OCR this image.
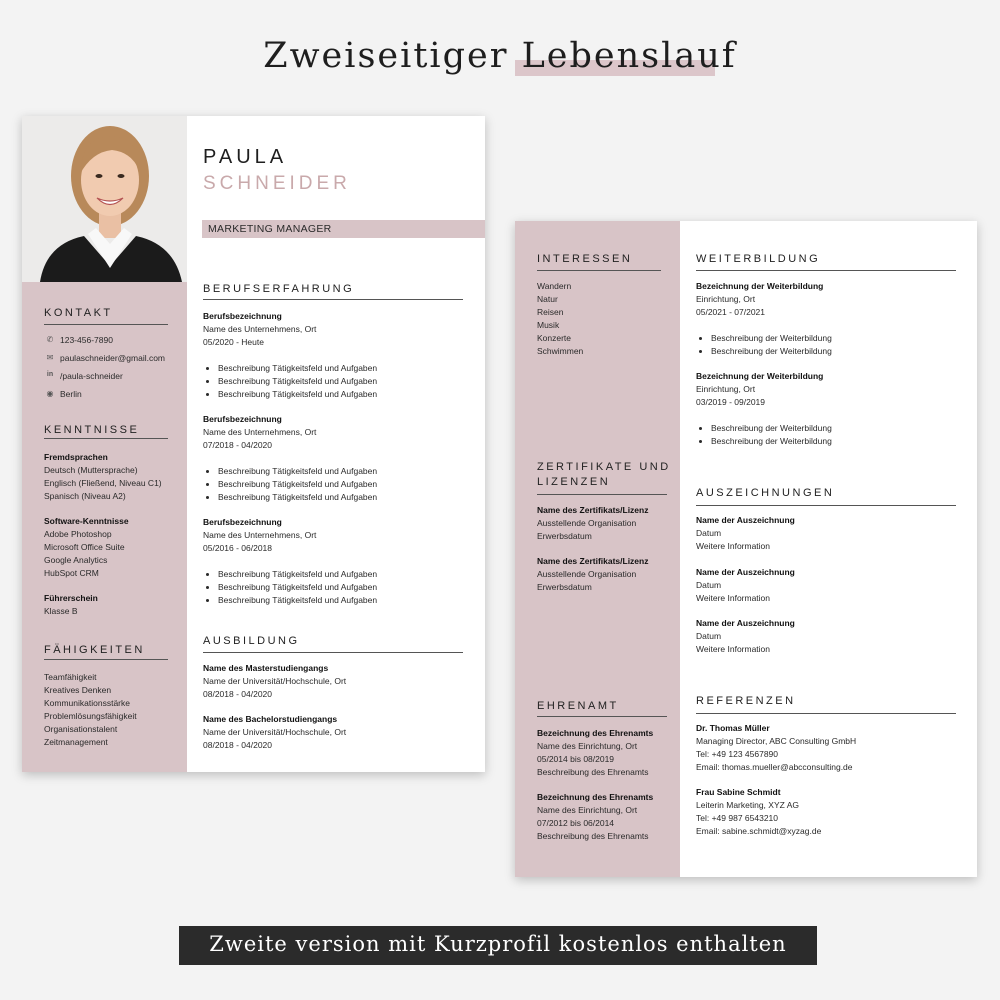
Zweiseitiger Lebenslauf
PAULA
SCHNEIDER
MARKETING MANAGER
KONTAKT
✆ 123-456-7890
✉ paulaschneider@gmail.com
in /paula-schneider
◉ Berlin
KENNTNISSE
Fremdsprachen
Deutsch (Muttersprache)
Englisch (Fließend, Niveau C1)
Spanisch (Niveau A2)
Software-Kenntnisse
Adobe Photoshop
Microsoft Office Suite
Google Analytics
HubSpot CRM
Führerschein
Klasse B
FÄHIGKEITEN
Teamfähigkeit
Kreatives Denken
Kommunikationsstärke
Problemlösungsfähigkeit
Organisationstalent
Zeitmanagement
BERUFSERFAHRUNG
Berufsbezeichnung
Name des Unternehmens, Ort
05/2020 - Heute
• Beschreibung Tätigkeitsfeld und Aufgaben
• Beschreibung Tätigkeitsfeld und Aufgaben
• Beschreibung Tätigkeitsfeld und Aufgaben
Berufsbezeichnung
Name des Unternehmens, Ort
07/2018 - 04/2020
• Beschreibung Tätigkeitsfeld und Aufgaben
• Beschreibung Tätigkeitsfeld und Aufgaben
• Beschreibung Tätigkeitsfeld und Aufgaben
Berufsbezeichnung
Name des Unternehmens, Ort
05/2016 - 06/2018
• Beschreibung Tätigkeitsfeld und Aufgaben
• Beschreibung Tätigkeitsfeld und Aufgaben
• Beschreibung Tätigkeitsfeld und Aufgaben
AUSBILDUNG
Name des Masterstudiengangs
Name der Universität/Hochschule, Ort
08/2018 - 04/2020
Name des Bachelorstudiengangs
Name der Universität/Hochschule, Ort
08/2018 - 04/2020
INTERESSEN
Wandern
Natur
Reisen
Musik
Konzerte
Schwimmen
ZERTIFIKATE UND
LIZENZEN
Name des Zertifikats/Lizenz
Ausstellende Organisation
Erwerbsdatum
Name des Zertifikats/Lizenz
Ausstellende Organisation
Erwerbsdatum
EHRENAMT
Bezeichnung des Ehrenamts
Name des Einrichtung, Ort
05/2014 bis 08/2019
Beschreibung des Ehrenamts
Bezeichnung des Ehrenamts
Name des Einrichtung, Ort
07/2012 bis 06/2014
Beschreibung des Ehrenamts
WEITERBILDUNG
Bezeichnung der Weiterbildung
Einrichtung, Ort
05/2021 - 07/2021
• Beschreibung der Weiterbildung
• Beschreibung der Weiterbildung
Bezeichnung der Weiterbildung
Einrichtung, Ort
03/2019 - 09/2019
• Beschreibung der Weiterbildung
• Beschreibung der Weiterbildung
AUSZEICHNUNGEN
Name der Auszeichnung
Datum
Weitere Information
Name der Auszeichnung
Datum
Weitere Information
Name der Auszeichnung
Datum
Weitere Information
REFERENZEN
Dr. Thomas Müller
Managing Director, ABC Consulting GmbH
Tel: +49 123 4567890
Email: thomas.mueller@abcconsulting.de
Frau Sabine Schmidt
Leiterin Marketing, XYZ AG
Tel: +49 987 6543210
Email: sabine.schmidt@xyzag.de
Zweite version mit Kurzprofil kostenlos enthalten
